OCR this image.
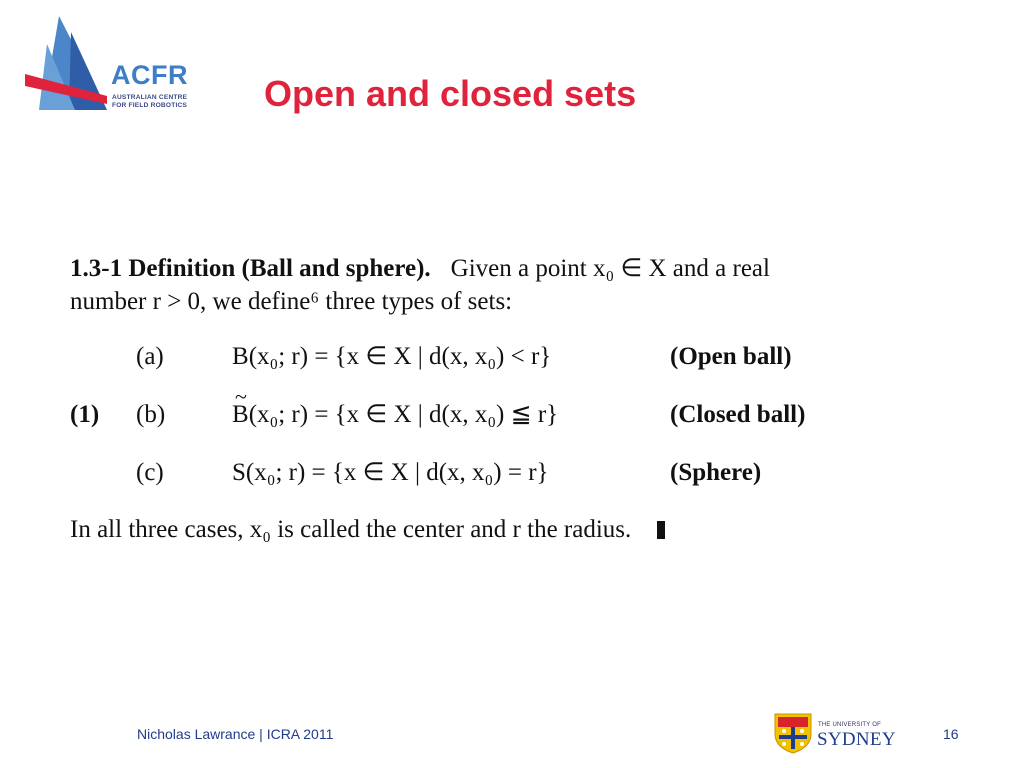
ACFR
AUSTRALIAN CENTRE
FOR FIELD ROBOTICS Open and closed sets
1.3-1 Definition (Ball and sphere). Given a point x₀ ∈ X and a real
number r > 0, we define⁶ three types of sets:
(a)	B(x₀; r) = {x ∈ X | d(x, x₀) < r}	(Open ball)
(1) (b)
~	B(x₀; r) = {x ∈ X | d(x, x₀) ≦ r}	(Closed ball)
(c)	S(x₀; r) = {x ∈ X | d(x, x₀) = r}	(Sphere)
In all three cases, x₀ is called the center and r the radius.
Nicholas Lawrance | ICRA 2011
THE UNIVERSITY OF
SYDNEY	16
